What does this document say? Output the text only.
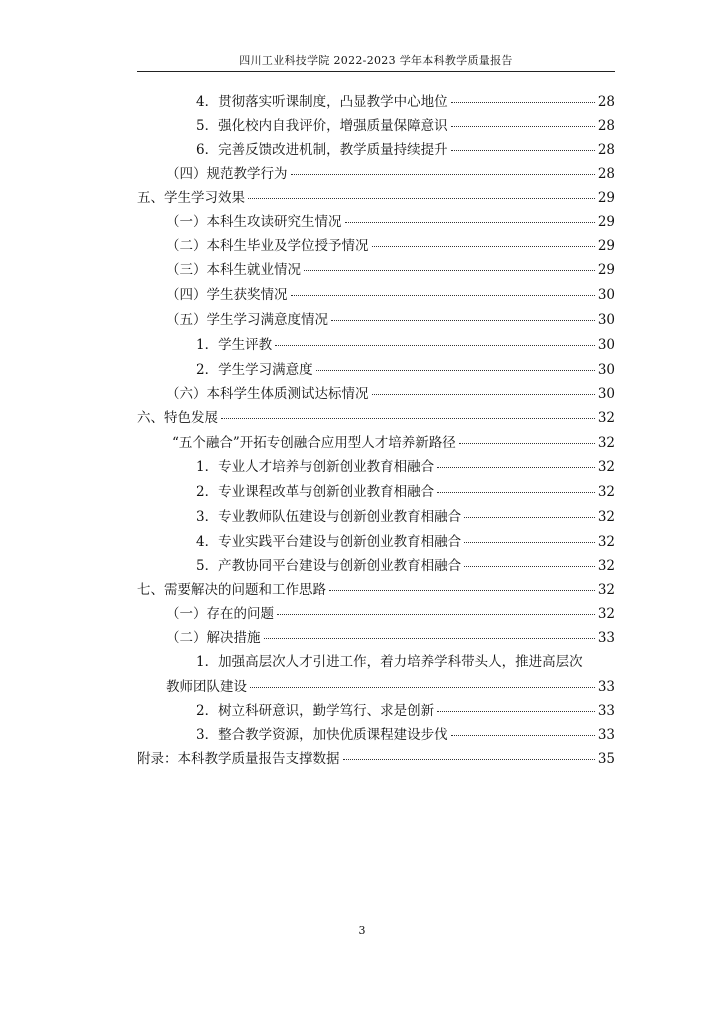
四川工业科技学院 2022-2023 学年本科教学质量报告
4．贯彻落实听课制度，凸显教学中心地位	28
5．强化校内自我评价，增强质量保障意识	28
6．完善反馈改进机制，教学质量持续提升	28
（四）规范教学行为	28
五、学生学习效果	29
（一）本科生攻读研究生情况	29
（二）本科生毕业及学位授予情况	29
（三）本科生就业情况	29
（四）学生获奖情况	30
（五）学生学习满意度情况	30
1．学生评教	30
2．学生学习满意度	30
（六）本科学生体质测试达标情况	30
六、特色发展	32
“五个融合”开拓专创融合应用型人才培养新路径	32
1．专业人才培养与创新创业教育相融合	32
2．专业课程改革与创新创业教育相融合	32
3．专业教师队伍建设与创新创业教育相融合	32
4．专业实践平台建设与创新创业教育相融合	32
5．产教协同平台建设与创新创业教育相融合	32
七、需要解决的问题和工作思路	32
（一）存在的问题	32
（二）解决措施	33
1．加强高层次人才引进工作，着力培养学科带头人，推进高层次
教师团队建设	33
2．树立科研意识，勤学笃行、求是创新	33
3．整合教学资源，加快优质课程建设步伐	33
附录：本科教学质量报告支撑数据	35
3
